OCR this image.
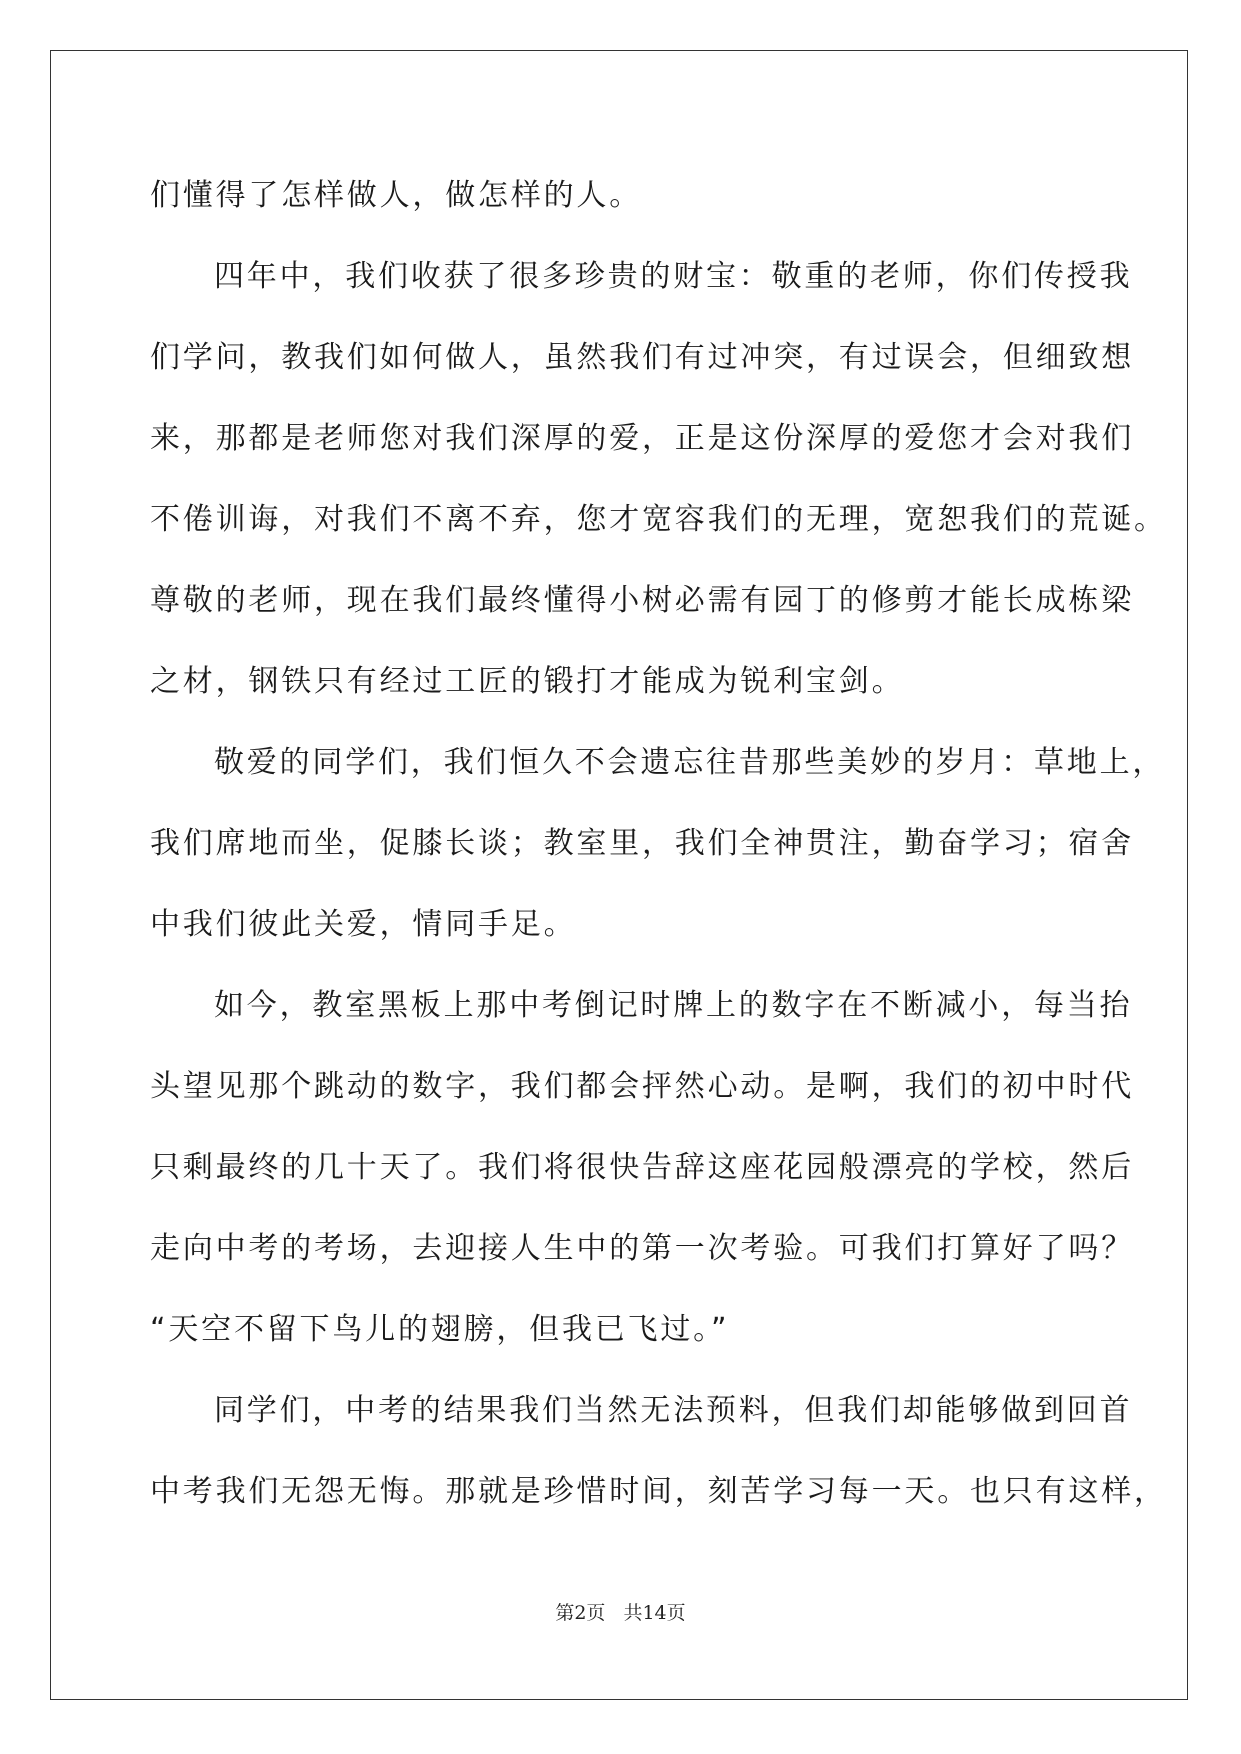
们懂得了怎样做人，做怎样的人。
四年中，我们收获了很多珍贵的财宝：敬重的老师，你们传授我
们学问，教我们如何做人，虽然我们有过冲突，有过误会，但细致想
来，那都是老师您对我们深厚的爱，正是这份深厚的爱您才会对我们
不倦训诲，对我们不离不弃，您才宽容我们的无理，宽恕我们的荒诞。
尊敬的老师，现在我们最终懂得小树必需有园丁的修剪才能长成栋梁
之材，钢铁只有经过工匠的锻打才能成为锐利宝剑。
敬爱的同学们，我们恒久不会遗忘往昔那些美妙的岁月：草地上，
我们席地而坐，促膝长谈；教室里，我们全神贯注，勤奋学习；宿舍
中我们彼此关爱，情同手足。
如今，教室黑板上那中考倒记时牌上的数字在不断减小，每当抬
头望见那个跳动的数字，我们都会抨然心动。是啊，我们的初中时代
只剩最终的几十天了。我们将很快告辞这座花园般漂亮的学校，然后
走向中考的考场，去迎接人生中的第一次考验。可我们打算好了吗？
“天空不留下鸟儿的翅膀，但我已飞过。”
同学们，中考的结果我们当然无法预料，但我们却能够做到回首
中考我们无怨无悔。那就是珍惜时间，刻苦学习每一天。也只有这样，
第2页 共14页
